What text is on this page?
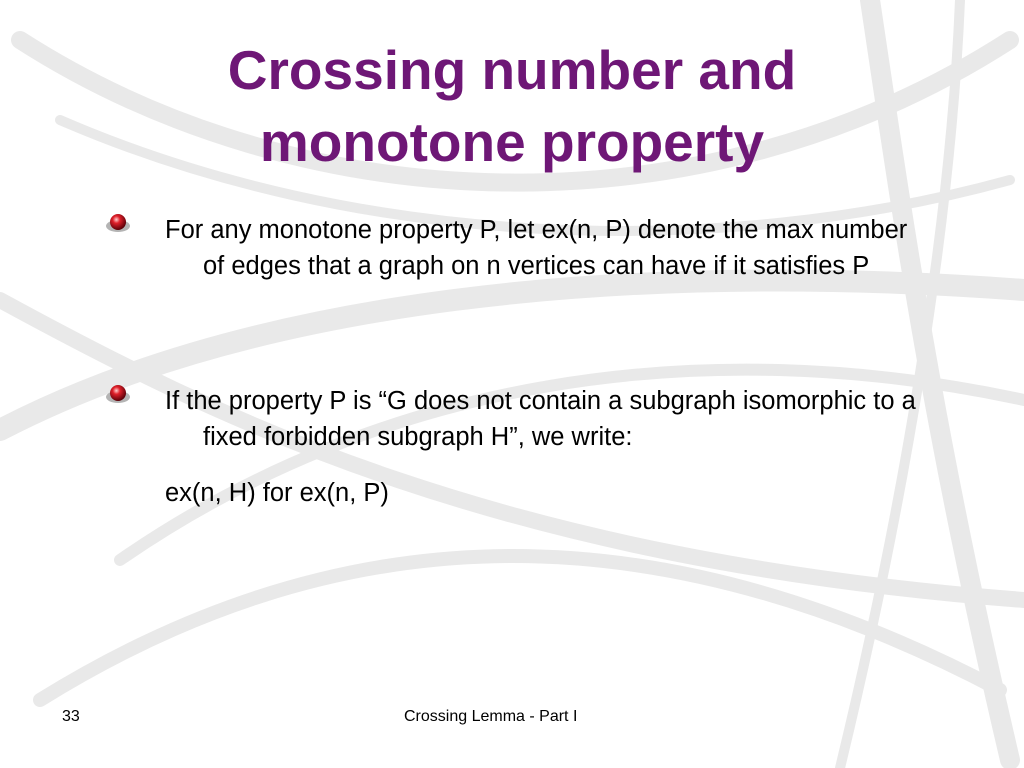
Crossing number and
monotone property
For any monotone property P, let ex(n, P) denote the max number of edges that a graph on n vertices can have if it satisfies P
If the property P is “G does not contain a subgraph isomorphic to a fixed forbidden subgraph H”, we write:
ex(n, H) for ex(n, P)
33	Crossing Lemma - Part I
